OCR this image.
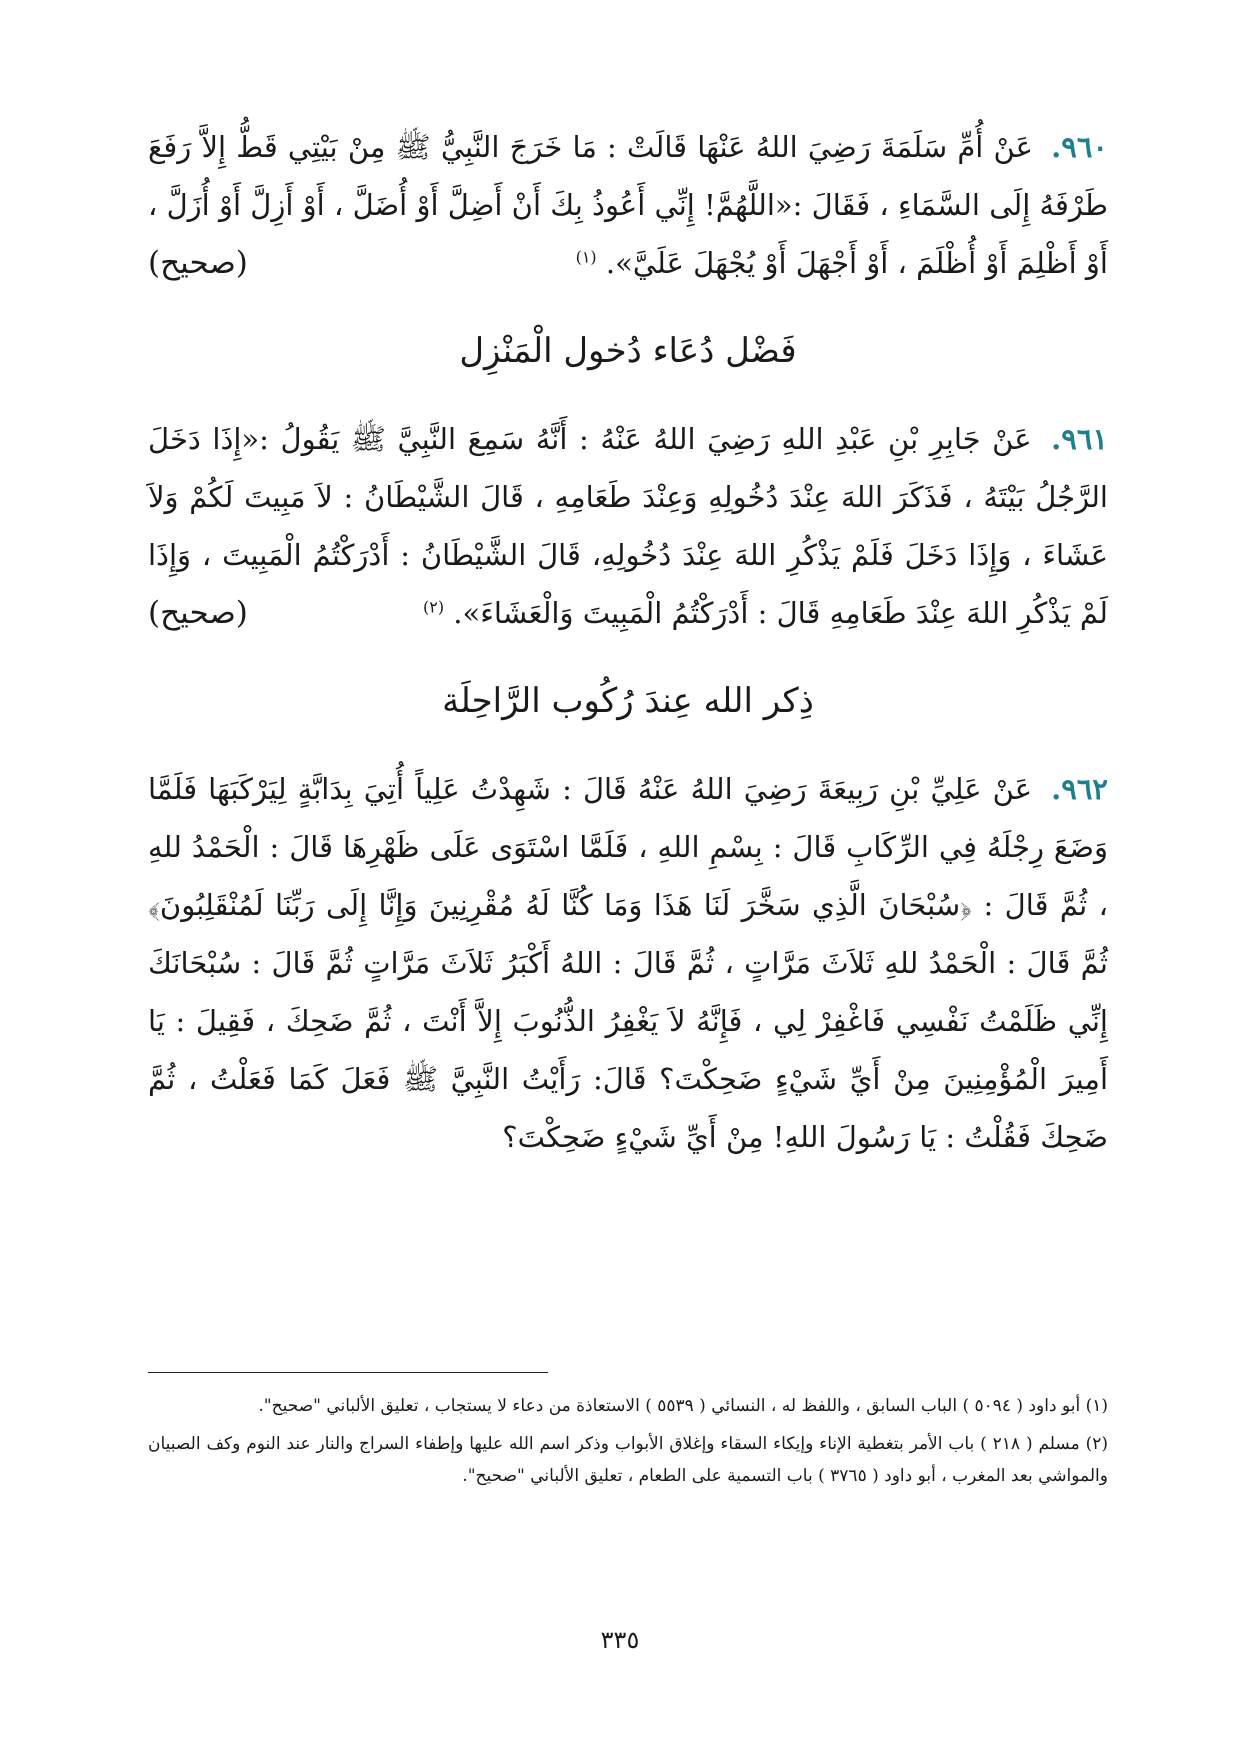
٩٦٠. عَنْ أُمِّ سَلَمَةَ رَضِيَ اللهُ عَنْهَا قَالَتْ : مَا خَرَجَ النَّبِيُّ ﷺ مِنْ بَيْتِي قَطُّ إِلاَّ رَفَعَ طَرْفَهُ إِلَى السَّمَاءِ ، فَقَالَ :«اللَّهُمَّ! إِنِّي أَعُوذُ بِكَ أَنْ أَضِلَّ أَوْ أُضَلَّ ، أَوْ أَزِلَّ أَوْ أُزَلَّ ، أَوْ أَظْلِمَ أَوْ أُظْلَمَ ، أَوْ أَجْهَلَ أَوْ يُجْهَلَ عَلَيَّ». $^{(١)}$
(صحيح)

فَضْل دُعَاء دُخول الْمَنْزِل

٩٦١. عَنْ جَابِرِ بْنِ عَبْدِ اللهِ رَضِيَ اللهُ عَنْهُ : أَنَّهُ سَمِعَ النَّبِيَّ ﷺ يَقُولُ :«إِذَا دَخَلَ الرَّجُلُ بَيْتَهُ ، فَذَكَرَ اللهَ عِنْدَ دُخُولِهِ وَعِنْدَ طَعَامِهِ ، قَالَ الشَّيْطَانُ : لاَ مَبِيتَ لَكُمْ وَلاَ عَشَاءَ ، وَإِذَا دَخَلَ فَلَمْ يَذْكُرِ اللهَ عِنْدَ دُخُولِهِ، قَالَ الشَّيْطَانُ : أَدْرَكْتُمُ الْمَبِيتَ ، وَإِذَا لَمْ يَذْكُرِ اللهَ عِنْدَ طَعَامِهِ قَالَ : أَدْرَكْتُمُ الْمَبِيتَ وَالْعَشَاءَ». $^{(٢)}$
(صحيح)

ذِكر الله عِندَ رُكُوب الرَّاحِلَة

٩٦٢. عَنْ عَلِيِّ بْنِ رَبِيعَةَ رَضِيَ اللهُ عَنْهُ قَالَ : شَهِدْتُ عَلِياً أُتِيَ بِدَابَّةٍ لِيَرْكَبَهَا فَلَمَّا وَضَعَ رِجْلَهُ فِي الرِّكَابِ قَالَ : بِسْمِ اللهِ ، فَلَمَّا اسْتَوَى عَلَى ظَهْرِهَا قَالَ : الْحَمْدُ للهِ ، ثُمَّ قَالَ : ﴿سُبْحَانَ الَّذِي سَخَّرَ لَنَا هَذَا وَمَا كُنَّا لَهُ مُقْرِنِينَ وَإِنَّا إِلَى رَبِّنَا لَمُنْقَلِبُونَ﴾ ثُمَّ قَالَ : الْحَمْدُ للهِ ثَلاَثَ مَرَّاتٍ ، ثُمَّ قَالَ : اللهُ أَكْبَرُ ثَلاَثَ مَرَّاتٍ ثُمَّ قَالَ : سُبْحَانَكَ إِنِّي ظَلَمْتُ نَفْسِي فَاغْفِرْ لِي ، فَإِنَّهُ لاَ يَغْفِرُ الذُّنُوبَ إِلاَّ أَنْتَ ، ثُمَّ ضَحِكَ ، فَقِيلَ : يَا أَمِيرَ الْمُؤْمِنِينَ مِنْ أَيِّ شَيْءٍ ضَحِكْتَ؟ قَالَ: رَأَيْتُ النَّبِيَّ ﷺ فَعَلَ كَمَا فَعَلْتُ ، ثُمَّ ضَحِكَ فَقُلْتُ : يَا رَسُولَ اللهِ! مِنْ أَيِّ شَيْءٍ ضَحِكْتَ؟

(١) أبو داود ( ٥٠٩٤ ) الباب السابق ، واللفظ له ، النسائي ( ٥٥٣٩ ) الاستعاذة من دعاء لا يستجاب ، تعليق الألباني "صحيح".

(٢) مسلم ( ٢١٨ ) باب الأمر بتغطية الإناء وإيكاء السقاء وإغلاق الأبواب وذكر اسم الله عليها وإطفاء السراج والنار عند النوم وكف الصبيان والمواشي بعد المغرب ، أبو داود ( ٣٧٦٥ ) باب التسمية على الطعام ، تعليق الألباني "صحيح".

٣٣٥
